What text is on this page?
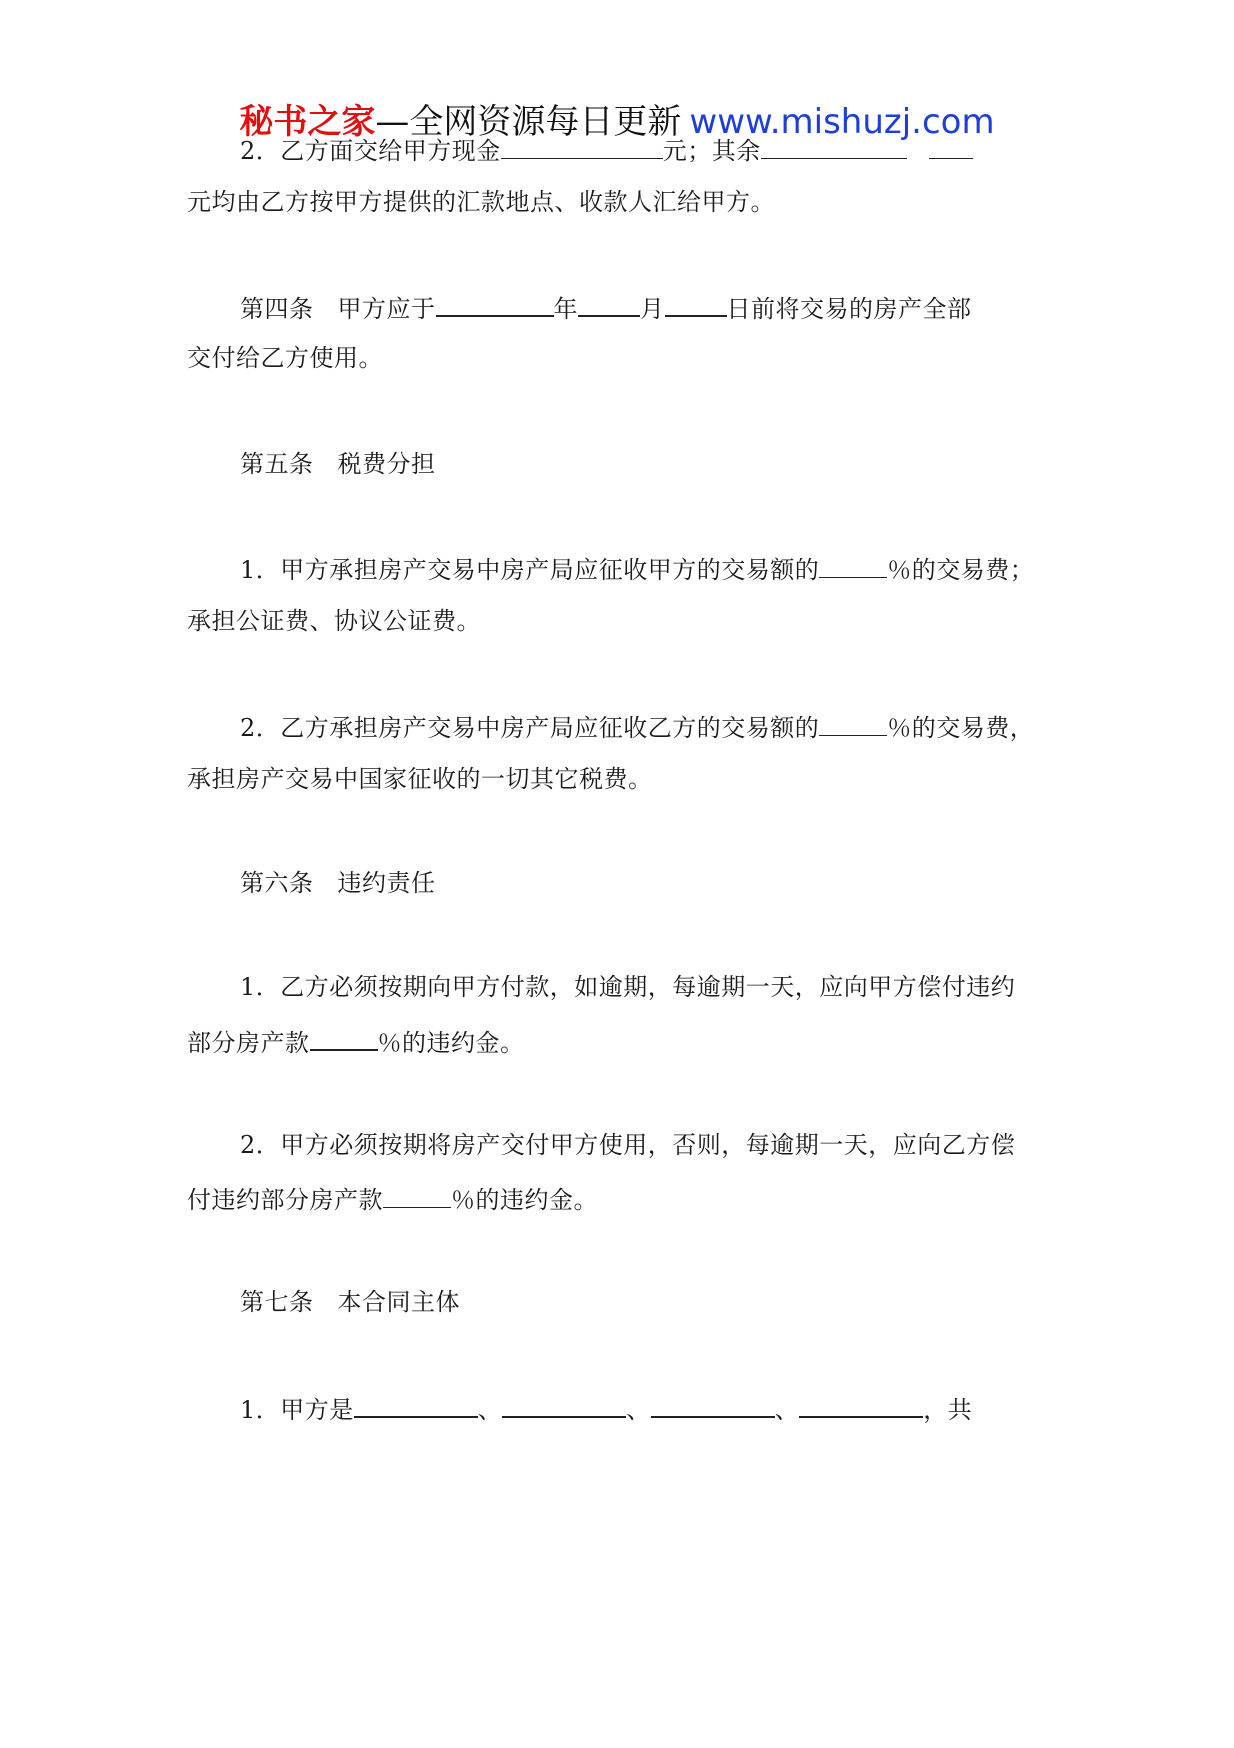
秘书之家—全网资源每日更新 www.mishuzj.com
2．乙方面交给甲方现金	元；其余
元均由乙方按甲方提供的汇款地点、收款人汇给甲方。
第四条 甲方应于	年	月	日前将交易的房产全部
交付给乙方使用。
第五条 税费分担
1．甲方承担房产交易中房产局应征收甲方的交易额的	％的交易费；
承担公证费、协议公证费。
2．乙方承担房产交易中房产局应征收乙方的交易额的	％的交易费，
承担房产交易中国家征收的一切其它税费。
第六条 违约责任
1．乙方必须按期向甲方付款，如逾期，每逾期一天，应向甲方偿付违约
部分房产款	％的违约金。
2．甲方必须按期将房产交付甲方使用，否则，每逾期一天，应向乙方偿
付违约部分房产款	％的违约金。
第七条 本合同主体
1．甲方是	、	、	、	，共
